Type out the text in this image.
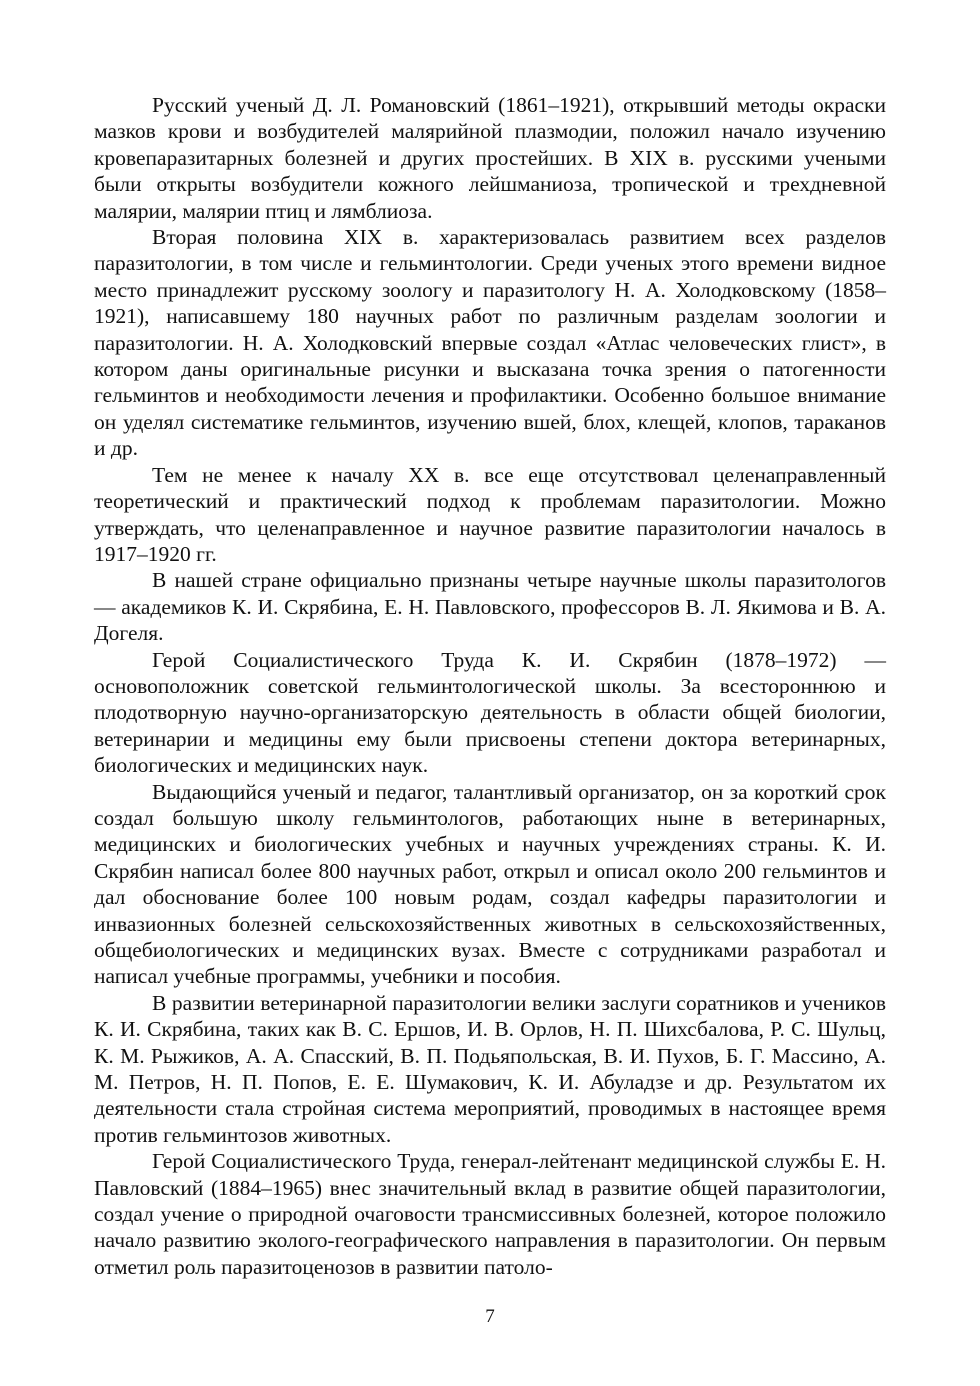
Русский ученый Д. Л. Романовский (1861–1921), открывший методы окраски мазков крови и возбудителей малярийной плазмодии, положил начало изучению кровепаразитарных болезней и других простейших. В XIX в. русскими учеными были открыты возбудители кожного лейшманиоза, тропической и трехдневной малярии, малярии птиц и лямблиоза.

Вторая половина XIX в. характеризовалась развитием всех разделов паразитологии, в том числе и гельминтологии. Среди ученых этого времени видное место принадлежит русскому зоологу и паразитологу Н. А. Холодковскому (1858–1921), написавшему 180 научных работ по различным разделам зоологии и паразитологии. Н. А. Холодковский впервые создал «Атлас человеческих глист», в котором даны оригинальные рисунки и высказана точка зрения о патогенности гельминтов и необходимости лечения и профилактики. Особенно большое внимание он уделял систематике гельминтов, изучению вшей, блох, клещей, клопов, тараканов и др.

Тем не менее к началу XX в. все еще отсутствовал целенаправленный теоретический и практический подход к проблемам паразитологии. Можно утверждать, что целенаправленное и научное развитие паразитологии началось в 1917–1920 гг.

В нашей стране официально признаны четыре научные школы паразитологов — академиков К. И. Скрябина, Е. Н. Павловского, профессоров В. Л. Якимова и В. А. Догеля.

Герой Социалистического Труда К. И. Скрябин (1878–1972) — основоположник советской гельминтологической школы. За всестороннюю и плодотворную научно-организаторскую деятельность в области общей биологии, ветеринарии и медицины ему были присвоены степени доктора ветеринарных, биологических и медицинских наук.

Выдающийся ученый и педагог, талантливый организатор, он за короткий срок создал большую школу гельминтологов, работающих ныне в ветеринарных, медицинских и биологических учебных и научных учреждениях страны. К. И. Скрябин написал более 800 научных работ, открыл и описал около 200 гельминтов и дал обоснование более 100 новым родам, создал кафедры паразитологии и инвазионных болезней сельскохозяйственных животных в сельскохозяйственных, общебиологических и медицинских вузах. Вместе с сотрудниками разработал и написал учебные программы, учебники и пособия.

В развитии ветеринарной паразитологии велики заслуги соратников и учеников К. И. Скрябина, таких как В. С. Ершов, И. В. Орлов, Н. П. Шихсбалова, Р. С. Шульц, К. М. Рыжиков, А. А. Спасский, В. П. Подьяпольская, В. И. Пухов, Б. Г. Массино, А. М. Петров, Н. П. Попов, Е. Е. Шумакович, К. И. Абуладзе и др. Результатом их деятельности стала стройная система мероприятий, проводимых в настоящее время против гельминтозов животных.

Герой Социалистического Труда, генерал-лейтенант медицинской службы Е. Н. Павловский (1884–1965) внес значительный вклад в развитие общей паразитологии, создал учение о природной очаговости трансмиссивных болезней, которое положило начало развитию эколого-географического направления в паразитологии. Он первым отметил роль паразитоценозов в развитии патоло-

7
